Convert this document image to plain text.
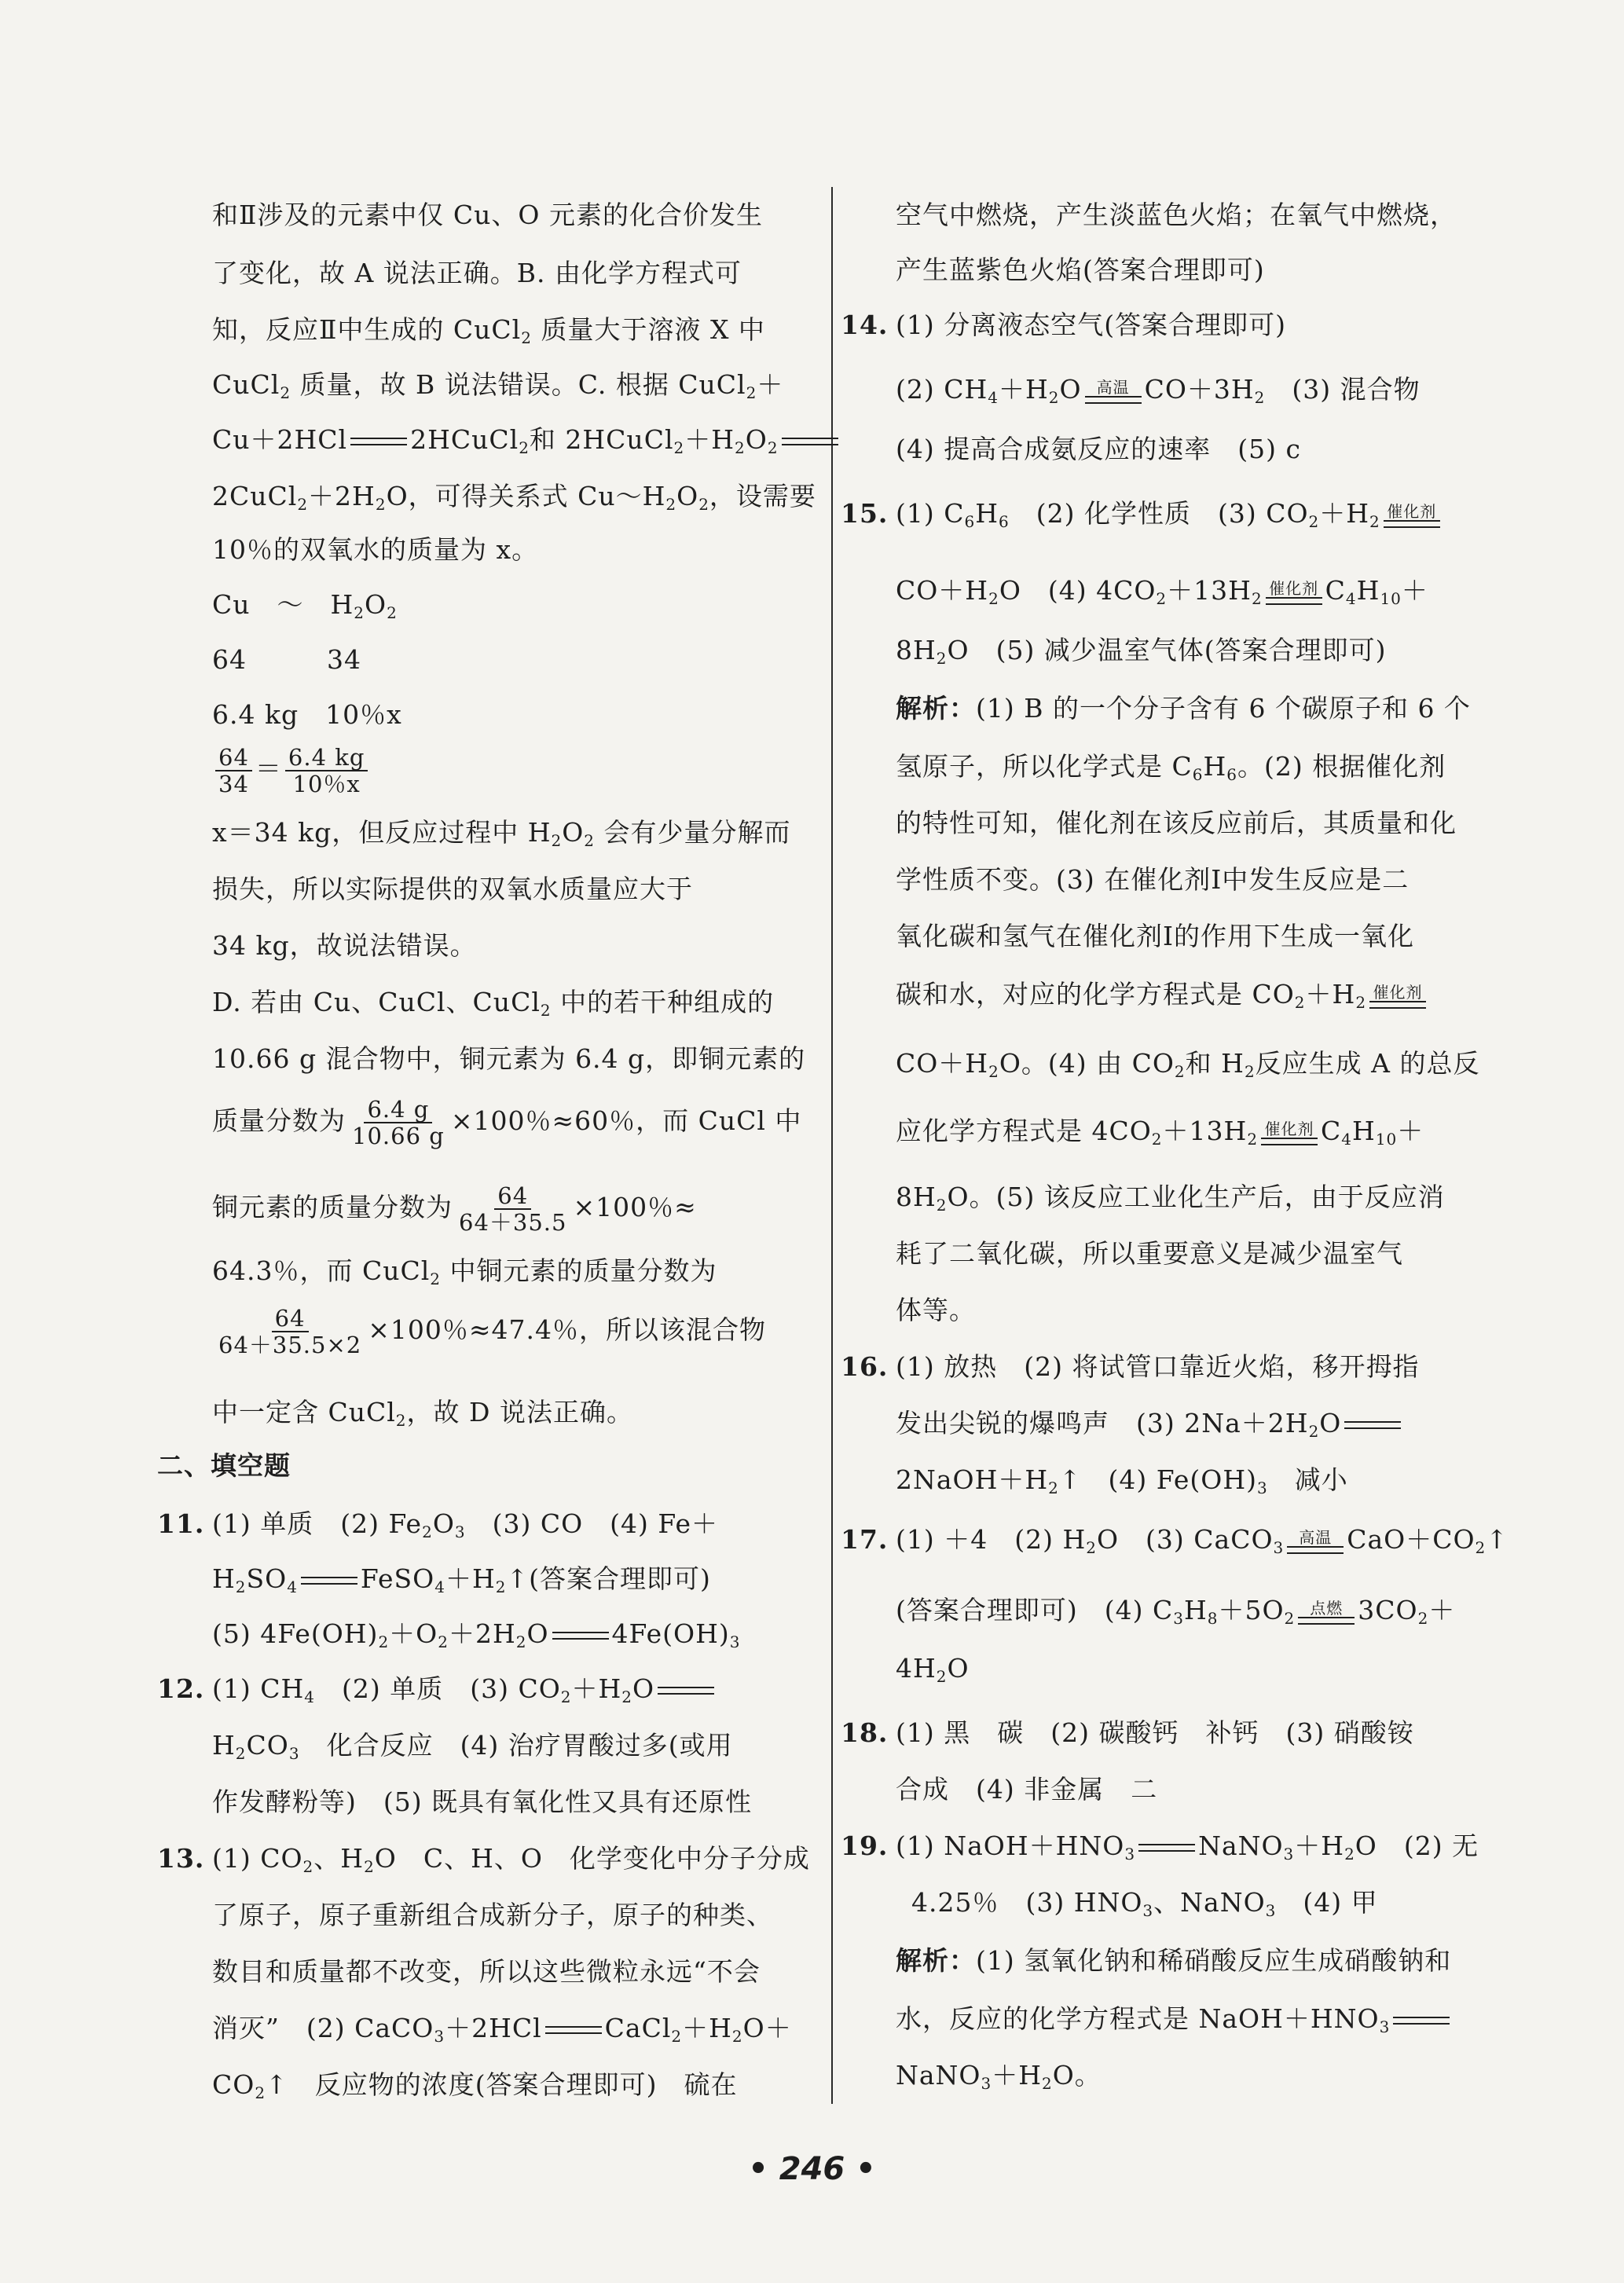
和Ⅱ涉及的元素中仅 Cu、O 元素的化合价发生
了变化，故 A 说法正确。B. 由化学方程式可
知，反应Ⅱ中生成的 CuCl$_2$ 质量大于溶液 X 中
CuCl$_2$ 质量，故 B 说法错误。C. 根据 CuCl$_2$＋
Cu＋2HCl 2HCuCl$_2$和 $2HCuCl_2+H_2O_2$
$2CuCl_2+2H_2O$，可得关系式 $Cu\sim H_2O_2$，设需要
10％的双氧水的质量为 x。
Cu　～　$H_2O_2$
64　　　34
6.4 kg　10％x
$\frac{64}{34} = \frac{6.4 kg}{10\%x}$
x＝34 kg，但反应过程中 $H_2O_2$ 会有少量分解而
损失，所以实际提供的双氧水质量应大于
34 kg，故说法错误。
D. 若由 Cu、CuCl、CuCl$_2$ 中的若干种组成的
10.66 g 混合物中，铜元素为 6.4 g，即铜元素的
质量分数为 $\frac{6.4 g}{10.66 g} \times 100$％≈60％，而 CuCl 中
铜元素的质量分数为 $\frac{64}{64+35.5} \times 100$％≈
64.3％，而 CuCl$_2$ 中铜元素的质量分数为
$\frac{64}{64+35.5\times 2} \times 100$％≈47.4％，所以该混合物
中一定含 CuCl$_2$，故 D 说法正确。
二、填空题
11. (1) 单质　(2) $Fe_2O_3$　(3) CO　(4) Fe＋
$H_2SO_4$ $FeSO_4+H_2↑$(答案合理即可)
(5) $4Fe(OH)_2+O_2+2H_2O$ $4Fe(OH)_3$
12. (1) $CH_4$　(2) 单质　(3) $CO_2+H_2O$
$H_2CO_3$　化合反应　(4) 治疗胃酸过多(或用
作发酵粉等)　(5) 既具有氧化性又具有还原性
13. (1) $CO_2$、$H_2O$　C、H、O　化学变化中分子分成
了原子，原子重新组合成新分子，原子的种类、
数目和质量都不改变，所以这些微粒永远“不会
消灭”　(2) CaCO$_3$＋2HCl $CaCl_2+H_2O+$
$CO_2↑$　反应物的浓度(答案合理即可)　硫在
空气中燃烧，产生淡蓝色火焰；在氧气中燃烧，
产生蓝紫色火焰(答案合理即可)
14. (1) 分离液态空气(答案合理即可)
(2) $CH_4+H_2O$ 高温 $CO+3H_2$　(3) 混合物
(4) 提高合成氨反应的速率　(5) c
15. (1) $C_6H_6$　(2) 化学性质　(3) $CO_2+H_2$
催化剂
$CO+H_2O$　(4) $4CO_2+13H_2$
催化剂 $C_4H_{10}+$
$8H_2O$　(5) 减少温室气体(答案合理即可)
解析：(1) B 的一个分子含有 6 个碳原子和 6 个
氢原子，所以化学式是 $C_6H_6$。(2) 根据催化剂
的特性可知，催化剂在该反应前后，其质量和化
学性质不变。(3) 在催化剂Ⅰ中发生反应是二
氧化碳和氢气在催化剂Ⅰ的作用下生成一氧化
碳和水，对应的化学方程式是 $CO_2+H_2$
催化剂
$CO+H_2O$。(4) 由 $CO_2$和 $H_2$反应生成 A 的总反
应化学方程式是 $4CO_2+13H_2$
催化剂 $C_4H_{10}+$
$8H_2O$。(5) 该反应工业化生产后，由于反应消
耗了二氧化碳，所以重要意义是减少温室气
体等。
16. (1) 放热　(2) 将试管口靠近火焰，移开拇指
发出尖锐的爆鸣声　(3) $2Na+2H_2O$
$2NaOH+H_2↑$　(4) $Fe(OH)_3$　减小
17. (1) ＋4　(2) $H_2O$　(3) CaCO$_3$
高温 $CaO+CO_2↑$
(答案合理即可)　(4) $C_3H_8+5O_2$
点燃 $3CO_2+$
$4H_2O$
18. (1) 黑　碳　(2) 碳酸钙　补钙　(3) 硝酸铵
合成　(4) 非金属　二
19. (1) $NaOH+HNO_3$ $NaNO_3+H_2O$　(2) 无
4.25％　(3) $HNO_3$、NaNO$_3$　(4) 甲
解析：(1) 氢氧化钠和稀硝酸反应生成硝酸钠和
水，反应的化学方程式是 $NaOH+HNO_3$
$NaNO_3+H_2O$。
• 246 •
